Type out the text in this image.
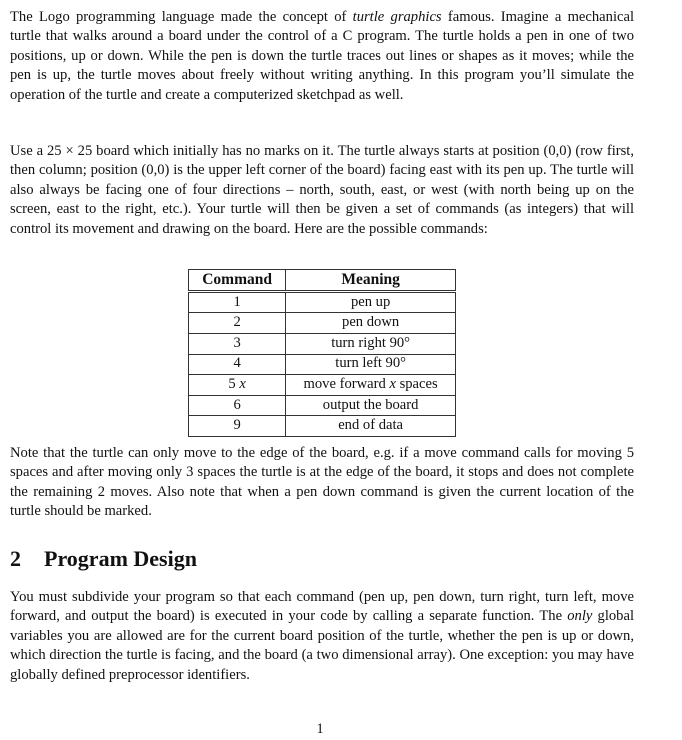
The Logo programming language made the concept of turtle graphics famous. Imagine a mechanical turtle that walks around a board under the control of a C program. The turtle holds a pen in one of two positions, up or down. While the pen is down the turtle traces out lines or shapes as it moves; while the pen is up, the turtle moves about freely without writing anything. In this program you’ll simulate the operation of the turtle and create a computerized sketchpad as well.

Use a 25 × 25 board which initially has no marks on it. The turtle always starts at position (0,0) (row first, then column; position (0,0) is the upper left corner of the board) facing east with its pen up. The turtle will also always be facing one of four directions – north, south, east, or west (with north being up on the screen, east to the right, etc.). Your turtle will then be given a set of commands (as integers) that will control its movement and drawing on the board. Here are the possible commands:

Command	Meaning
1	pen up
2	pen down
3	turn right 90°
4	turn left 90°
5 x	move forward x spaces
6	output the board
9	end of data

Note that the turtle can only move to the edge of the board, e.g. if a move command calls for moving 5 spaces and after moving only 3 spaces the turtle is at the edge of the board, it stops and does not complete the remaining 2 moves. Also note that when a pen down command is given the current location of the turtle should be marked.

2 Program Design

You must subdivide your program so that each command (pen up, pen down, turn right, turn left, move forward, and output the board) is executed in your code by calling a separate function. The only global variables you are allowed are for the current board position of the turtle, whether the pen is up or down, which direction the turtle is facing, and the board (a two dimensional array). One exception: you may have globally defined preprocessor identifiers.

1
